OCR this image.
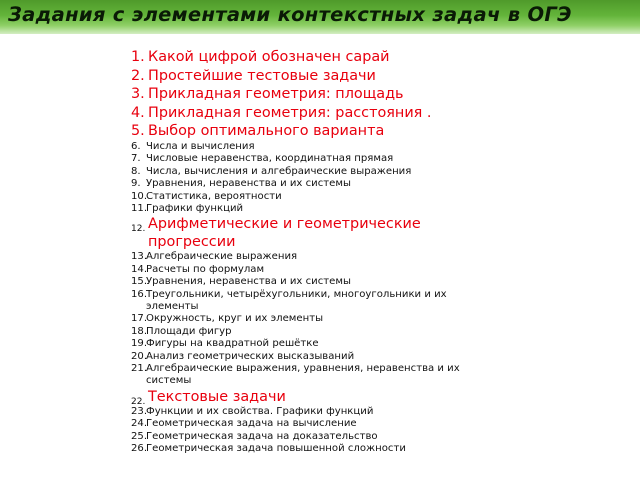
Задания с элементами контекстных задач в ОГЭ
1. Какой цифрой обозначен сарай
2. Простейшие тестовые задачи
3. Прикладная геометрия: площадь
4. Прикладная геометрия: расстояния .
5. Выбор оптимального варианта
6. Числа и вычисления
7. Числовые неравенства, координатная прямая
8. Числа, вычисления и алгебраические выражения
9. Уравнения, неравенства и их системы
10.
Статистика, вероятности
11.
Графики функций
12. Арифметические и геометрические
прогрессии
13.
Алгебраические выражения
14.
Расчеты по формулам
15.
Уравнения, неравенства и их системы
16.
Треугольники, четырёхугольники, многоугольники и их
элементы
17.
Окружность, круг и их элементы
18.
Площади фигур
19.
Фигуры на квадратной решётке
20.
Анализ геометрических высказываний
21.
Алгебраические выражения, уравнения, неравенства и их
системы
22. Текстовые задачи
23.
Функции и их свойства. Графики функций
24.
Геометрическая задача на вычисление
25.
Геометрическая задача на доказательство
26.
Геометрическая задача повышенной сложности
